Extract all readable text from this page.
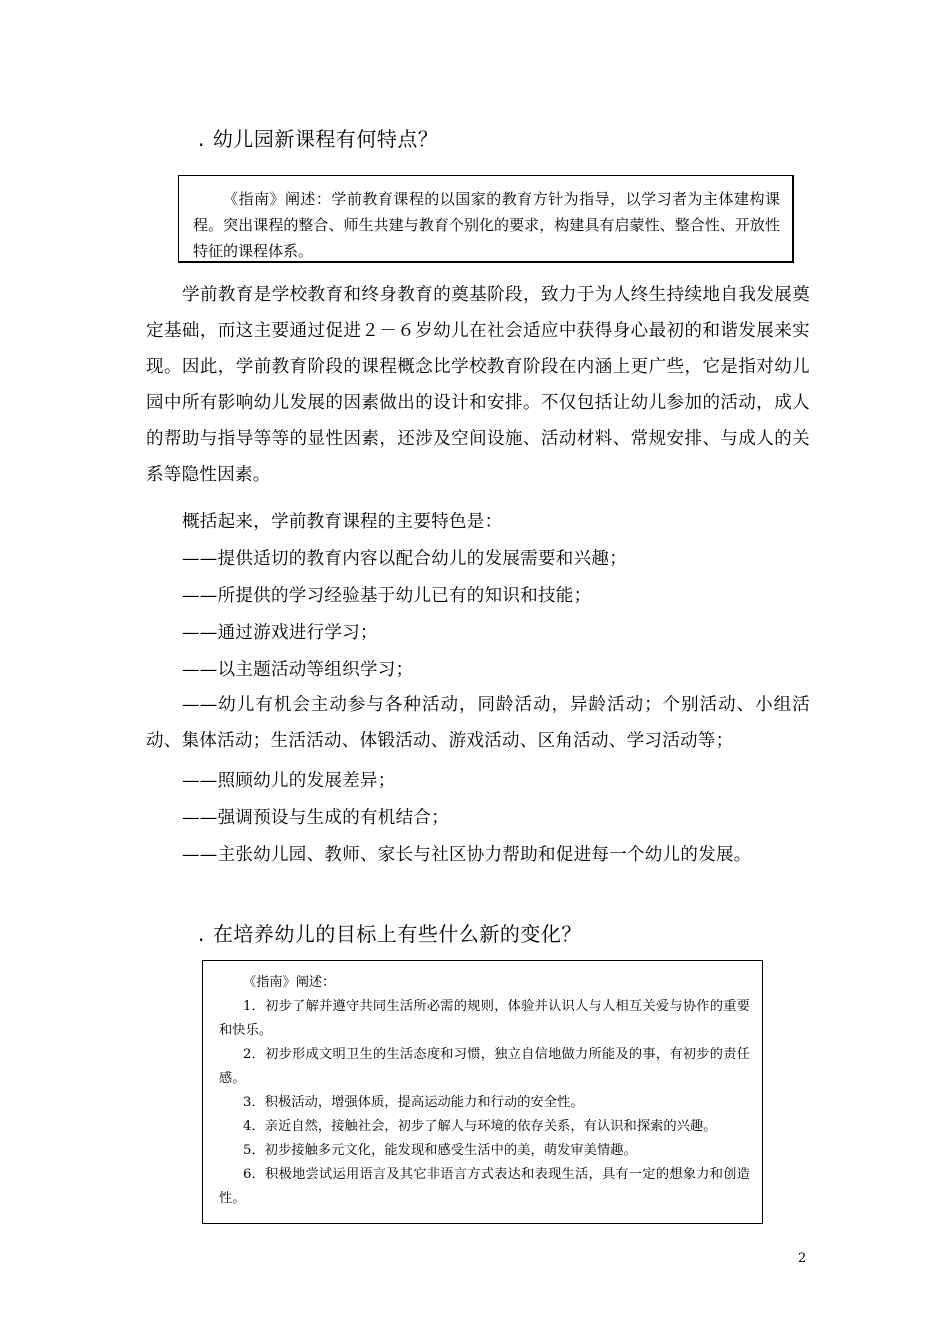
. 幼儿园新课程有何特点？
《指南》阐述：学前教育课程的以国家的教育方针为指导，以学习者为主体建构课程。突出课程的整合、师生共建与教育个别化的要求，构建具有启蒙性、整合性、开放性特征的课程体系。
学前教育是学校教育和终身教育的奠基阶段，致力于为人终生持续地自我发展奠定基础，而这主要通过促进２－６岁幼儿在社会适应中获得身心最初的和谐发展来实现。因此，学前教育阶段的课程概念比学校教育阶段在内涵上更广些，它是指对幼儿园中所有影响幼儿发展的因素做出的设计和安排。不仅包括让幼儿参加的活动，成人的帮助与指导等等的显性因素，还涉及空间设施、活动材料、常规安排、与成人的关系等隐性因素。
概括起来，学前教育课程的主要特色是：
——提供适切的教育内容以配合幼儿的发展需要和兴趣；
——所提供的学习经验基于幼儿已有的知识和技能；
——通过游戏进行学习；
——以主题活动等组织学习；
——幼儿有机会主动参与各种活动，同龄活动，异龄活动；个别活动、小组活动、集体活动；生活活动、体锻活动、游戏活动、区角活动、学习活动等；
——照顾幼儿的发展差异；
——强调预设与生成的有机结合；
——主张幼儿园、教师、家长与社区协力帮助和促进每一个幼儿的发展。
. 在培养幼儿的目标上有些什么新的变化？
《指南》阐述：
1．初步了解并遵守共同生活所必需的规则，体验并认识人与人相互关爱与协作的重要和快乐。
2．初步形成文明卫生的生活态度和习惯，独立自信地做力所能及的事，有初步的责任感。
3．积极活动，增强体质，提高运动能力和行动的安全性。
4．亲近自然，接触社会，初步了解人与环境的依存关系，有认识和探索的兴趣。
5．初步接触多元文化，能发现和感受生活中的美，萌发审美情趣。
6．积极地尝试运用语言及其它非语言方式表达和表现生活，具有一定的想象力和创造性。
2
